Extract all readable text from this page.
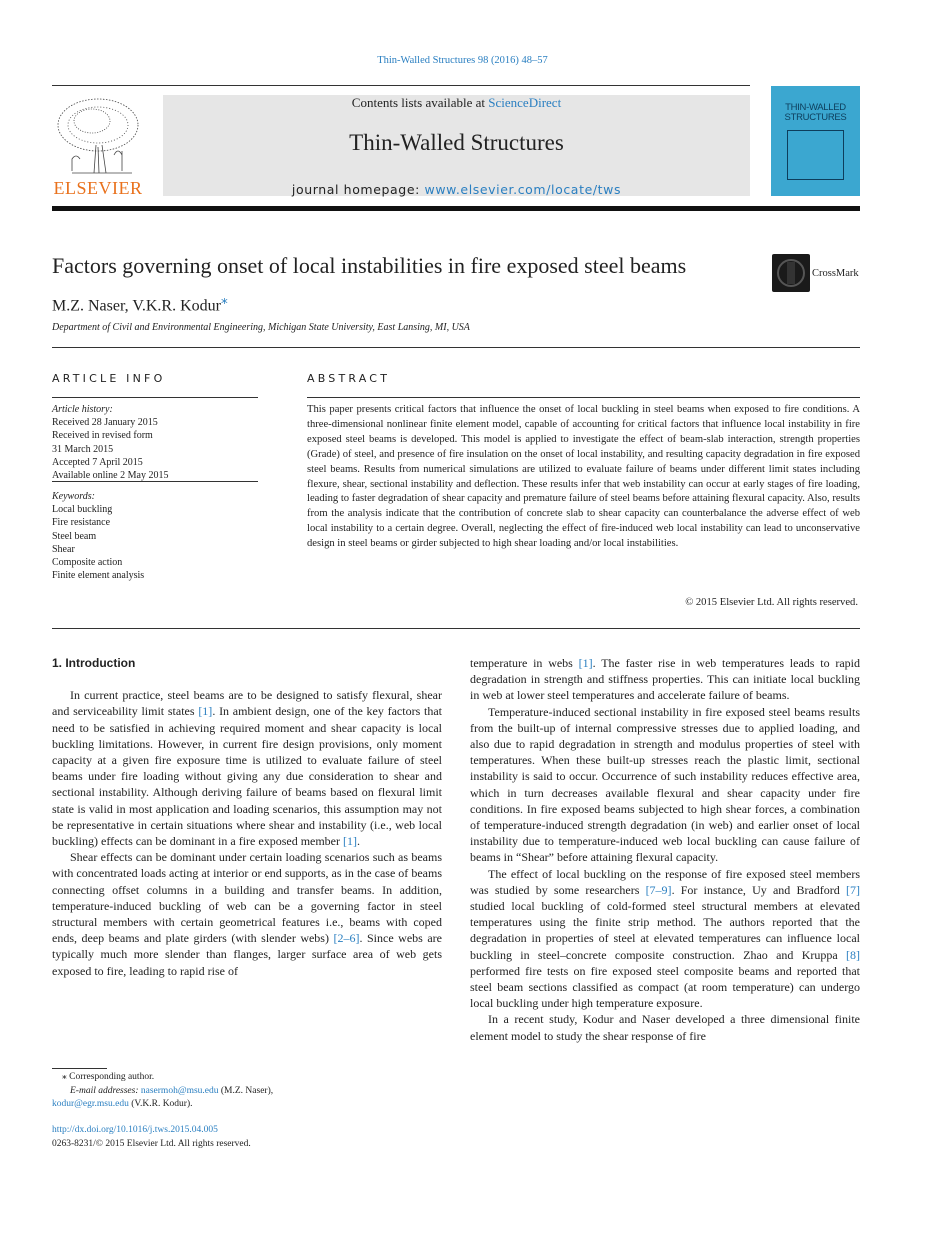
Thin-Walled Structures 98 (2016) 48–57
ELSEVIER
Contents lists available at ScienceDirect
Thin-Walled Structures
journal homepage: www.elsevier.com/locate/tws
THIN-WALLED
STRUCTURES
Factors governing onset of local instabilities in fire exposed steel beams	CrossMark
M.Z. Naser, V.K.R. Kodur⁎
Department of Civil and Environmental Engineering, Michigan State University, East Lansing, MI, USA
ARTICLE INFO
Article history:
Received 28 January 2015
Received in revised form
31 March 2015
Accepted 7 April 2015
Available online 2 May 2015
Keywords:
Local buckling
Fire resistance
Steel beam
Shear
Composite action
Finite element analysis
ABSTRACT
This paper presents critical factors that influence the onset of local buckling in steel beams when exposed to fire conditions. A three-dimensional nonlinear finite element model, capable of accounting for critical factors that influence local instability in fire exposed steel beams is developed. This model is applied to investigate the effect of beam-slab interaction, strength properties (Grade) of steel, and presence of fire insulation on the onset of local instability, and resulting capacity degradation in fire exposed steel beams. Results from numerical simulations are utilized to evaluate failure of beams under different limit states including flexure, shear, sectional instability and deflection. These results infer that web instability can occur at early stages of fire loading, leading to faster degradation of shear capacity and premature failure of steel beams before attaining flexural capacity. Also, results from the analysis indicate that the contribution of concrete slab to shear capacity can counterbalance the adverse effect of web local instability to a certain degree. Overall, neglecting the effect of fire-induced web local instability can lead to unconservative design in steel beams or girder subjected to high shear loading and/or local instabilities.
© 2015 Elsevier Ltd. All rights reserved.

1. Introduction

In current practice, steel beams are to be designed to satisfy flexural, shear and serviceability limit states [1]. In ambient design, one of the key factors that need to be satisfied in achieving required moment and shear capacity is local buckling limitations. However, in current fire design provisions, only moment capacity at a given fire exposure time is utilized to evaluate failure of steel beams under fire loading without giving any due consideration to shear and sectional instability. Although deriving failure of beams based on flexural limit state is valid in most application and loading scenarios, this assumption may not be representative in certain situations where shear and instability (i.e., web local buckling) effects can be dominant in a fire exposed member [1].

Shear effects can be dominant under certain loading scenarios such as beams with concentrated loads acting at interior or end supports, as in the case of beams connecting offset columns in a building and transfer beams. In addition, temperature-induced buckling of web can be a governing factor in steel structural members with certain geometrical features i.e., beams with coped ends, deep beams and plate girders (with slender webs) [2–6]. Since webs are typically much more slender than flanges, larger surface area of web gets exposed to fire, leading to rapid rise of

temperature in webs [1]. The faster rise in web temperatures leads to rapid degradation in strength and stiffness properties. This can initiate local buckling in web at lower steel temperatures and accelerate failure of beams.

Temperature-induced sectional instability in fire exposed steel beams results from the built-up of internal compressive stresses due to applied loading, and also due to rapid degradation in strength and modulus properties of steel with temperatures. When these built-up stresses reach the plastic limit, sectional instability is said to occur. Occurrence of such instability reduces effective area, which in turn decreases available flexural and shear capacity under fire conditions. In fire exposed beams subjected to high shear forces, a combination of temperature-induced strength degradation (in web) and earlier onset of local instability due to temperature-induced web local buckling can cause failure of beams in “Shear” before attaining flexural capacity.

The effect of local buckling on the response of fire exposed steel members was studied by some researchers [7–9]. For instance, Uy and Bradford [7] studied local buckling of cold-formed steel structural members at elevated temperatures using the finite strip method. The authors reported that the degradation in properties of steel at elevated temperatures can influence local buckling in steel–concrete composite construction. Zhao and Kruppa [8] performed fire tests on fire exposed steel composite beams and reported that steel beam sections classified as compact (at room temperature) can undergo local buckling under high temperature exposure.

In a recent study, Kodur and Naser developed a three dimensional finite element model to study the shear response of fire

⁎ Corresponding author.
E-mail addresses: nasermoh@msu.edu (M.Z. Naser),
kodur@egr.msu.edu (V.K.R. Kodur).
http://dx.doi.org/10.1016/j.tws.2015.04.005
0263-8231/© 2015 Elsevier Ltd. All rights reserved.
